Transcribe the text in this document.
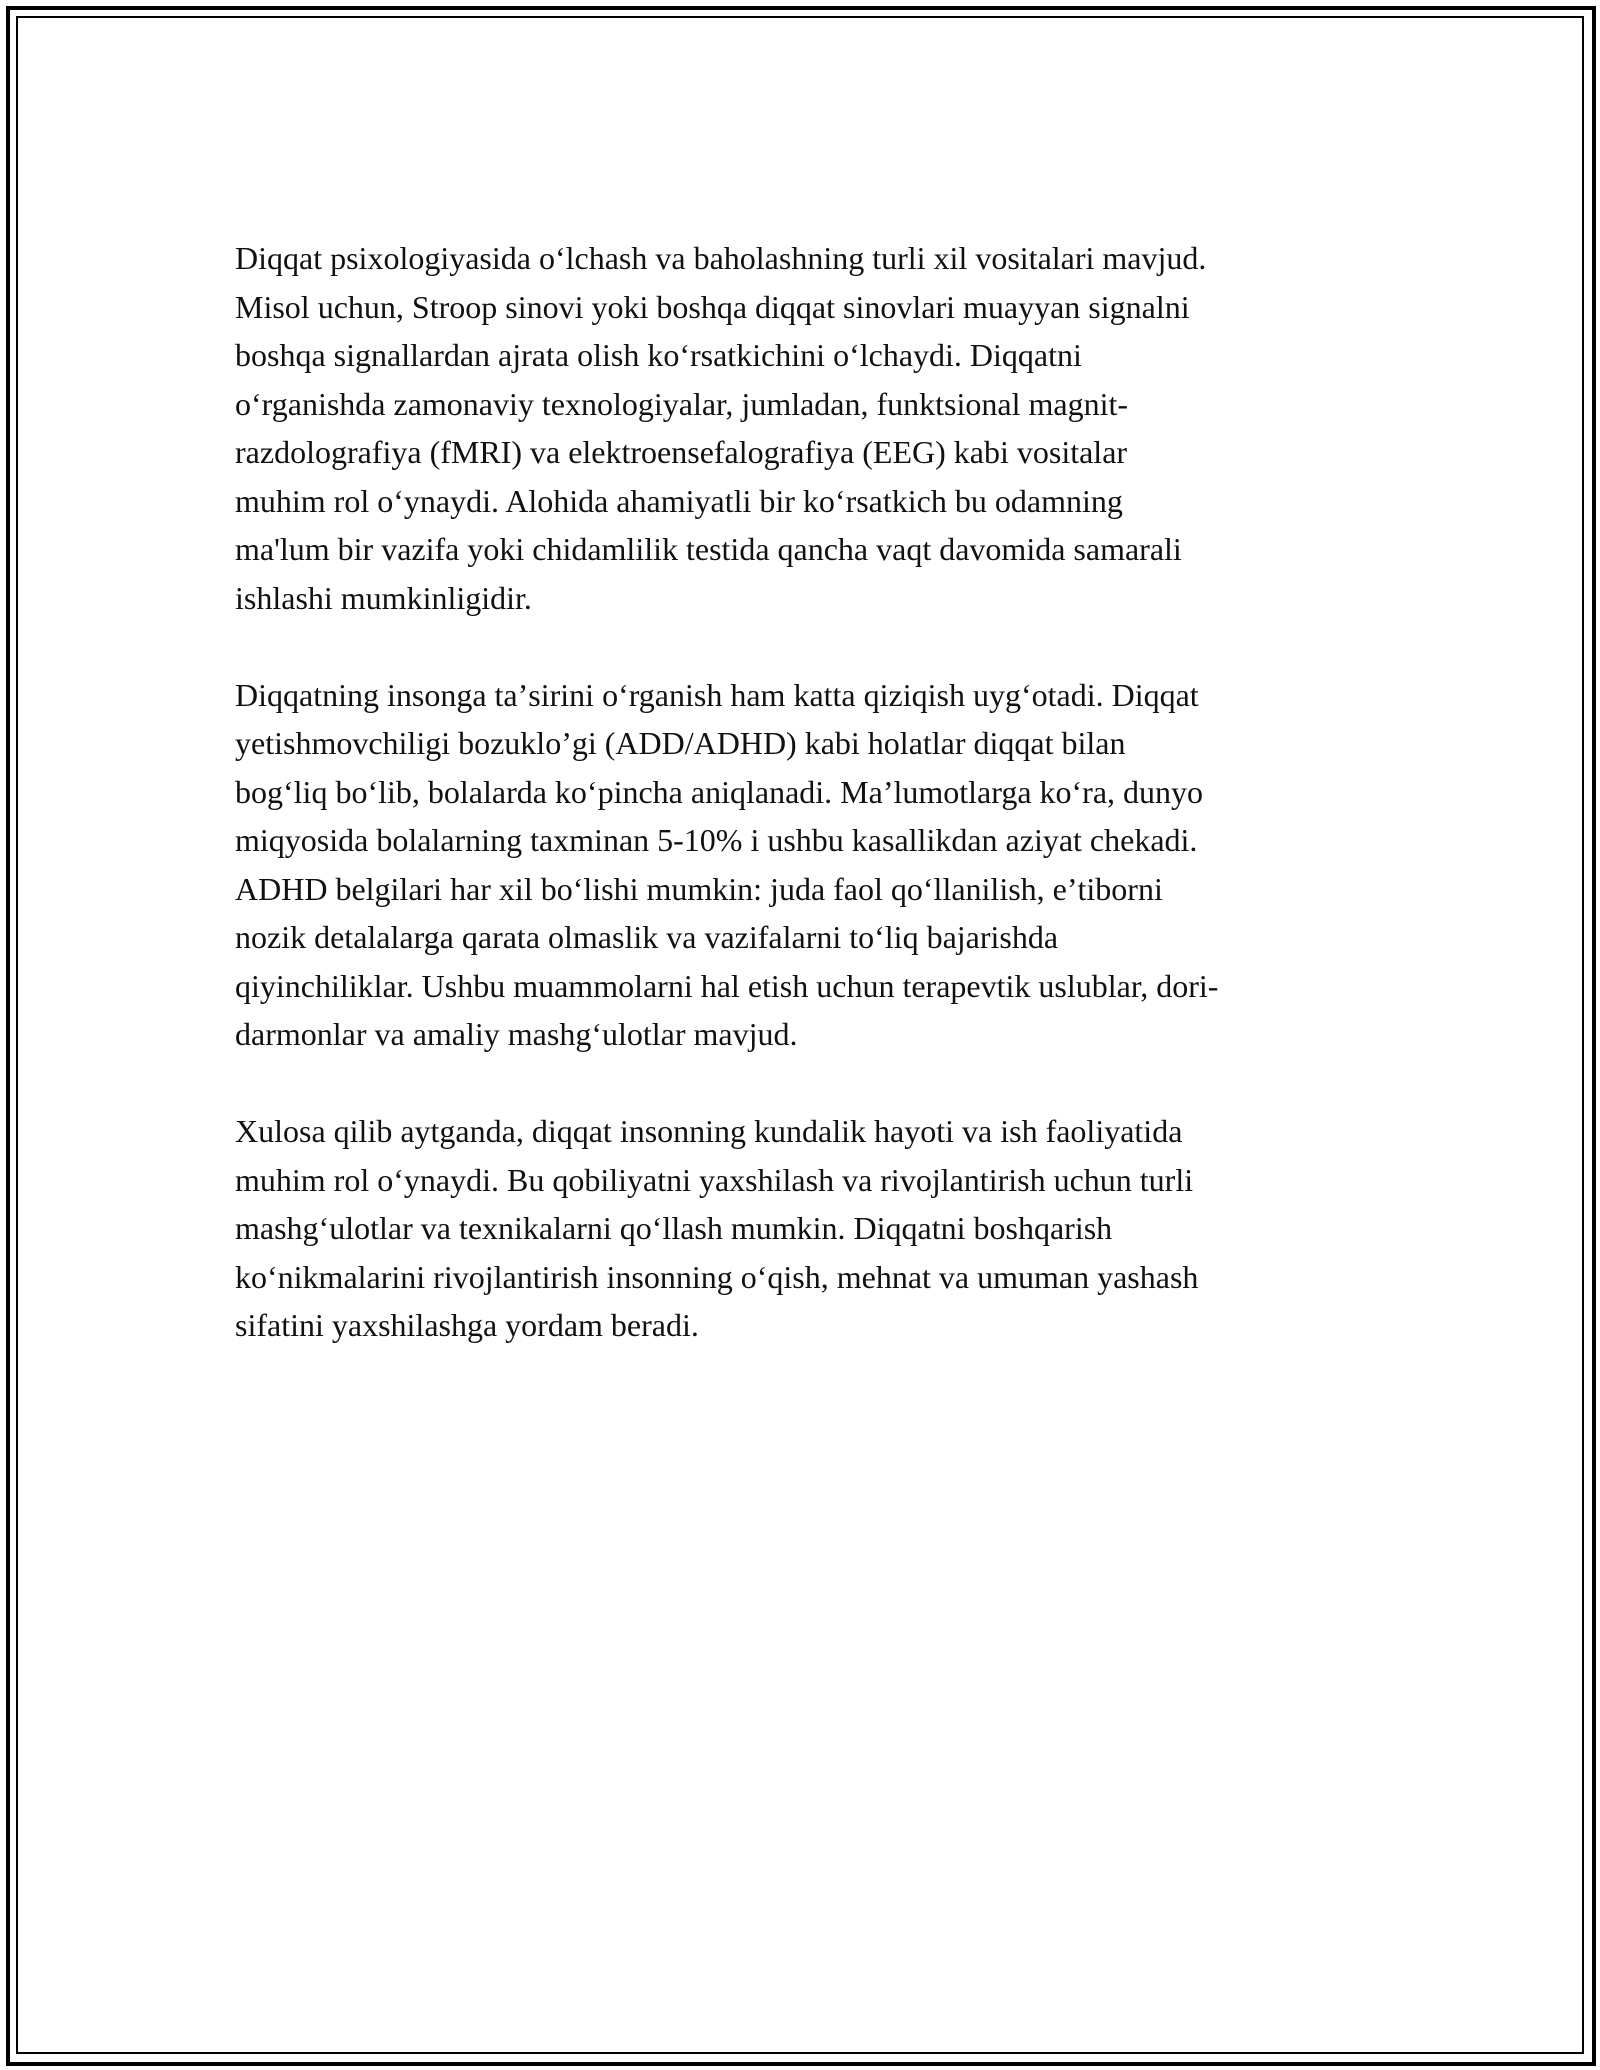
Diqqat psixologiyasida oʻlchash va baholashning turli xil vositalari mavjud.
Misol uchun, Stroop sinovi yoki boshqa diqqat sinovlari muayyan signalni
boshqa signallardan ajrata olish koʻrsatkichini oʻlchaydi. Diqqatni
oʻrganishda zamonaviy texnologiyalar, jumladan, funktsional magnit-
razdolografiya (fMRI) va elektroensefalografiya (EEG) kabi vositalar
muhim rol oʻynaydi. Alohida ahamiyatli bir koʻrsatkich bu odamning
ma'lum bir vazifa yoki chidamlilik testida qancha vaqt davomida samarali
ishlashi mumkinligidir.

Diqqatning insonga taʼsirini oʻrganish ham katta qiziqish uygʻotadi. Diqqat
yetishmovchiligi bozukloʼgi (ADD/ADHD) kabi holatlar diqqat bilan
bogʻliq boʻlib, bolalarda koʻpincha aniqlanadi. Maʼlumotlarga koʻra, dunyo
miqyosida bolalarning taxminan 5-10% i ushbu kasallikdan aziyat chekadi.
ADHD belgilari har xil boʻlishi mumkin: juda faol qoʻllanilish, eʼtiborni
nozik detalalarga qarata olmaslik va vazifalarni toʻliq bajarishda
qiyinchiliklar. Ushbu muammolarni hal etish uchun terapevtik uslublar, dori-
darmonlar va amaliy mashgʻulotlar mavjud.

Xulosa qilib aytganda, diqqat insonning kundalik hayoti va ish faoliyatida
muhim rol oʻynaydi. Bu qobiliyatni yaxshilash va rivojlantirish uchun turli
mashgʻulotlar va texnikalarni qoʻllash mumkin. Diqqatni boshqarish
koʻnikmalarini rivojlantirish insonning oʻqish, mehnat va umuman yashash
sifatini yaxshilashga yordam beradi.
